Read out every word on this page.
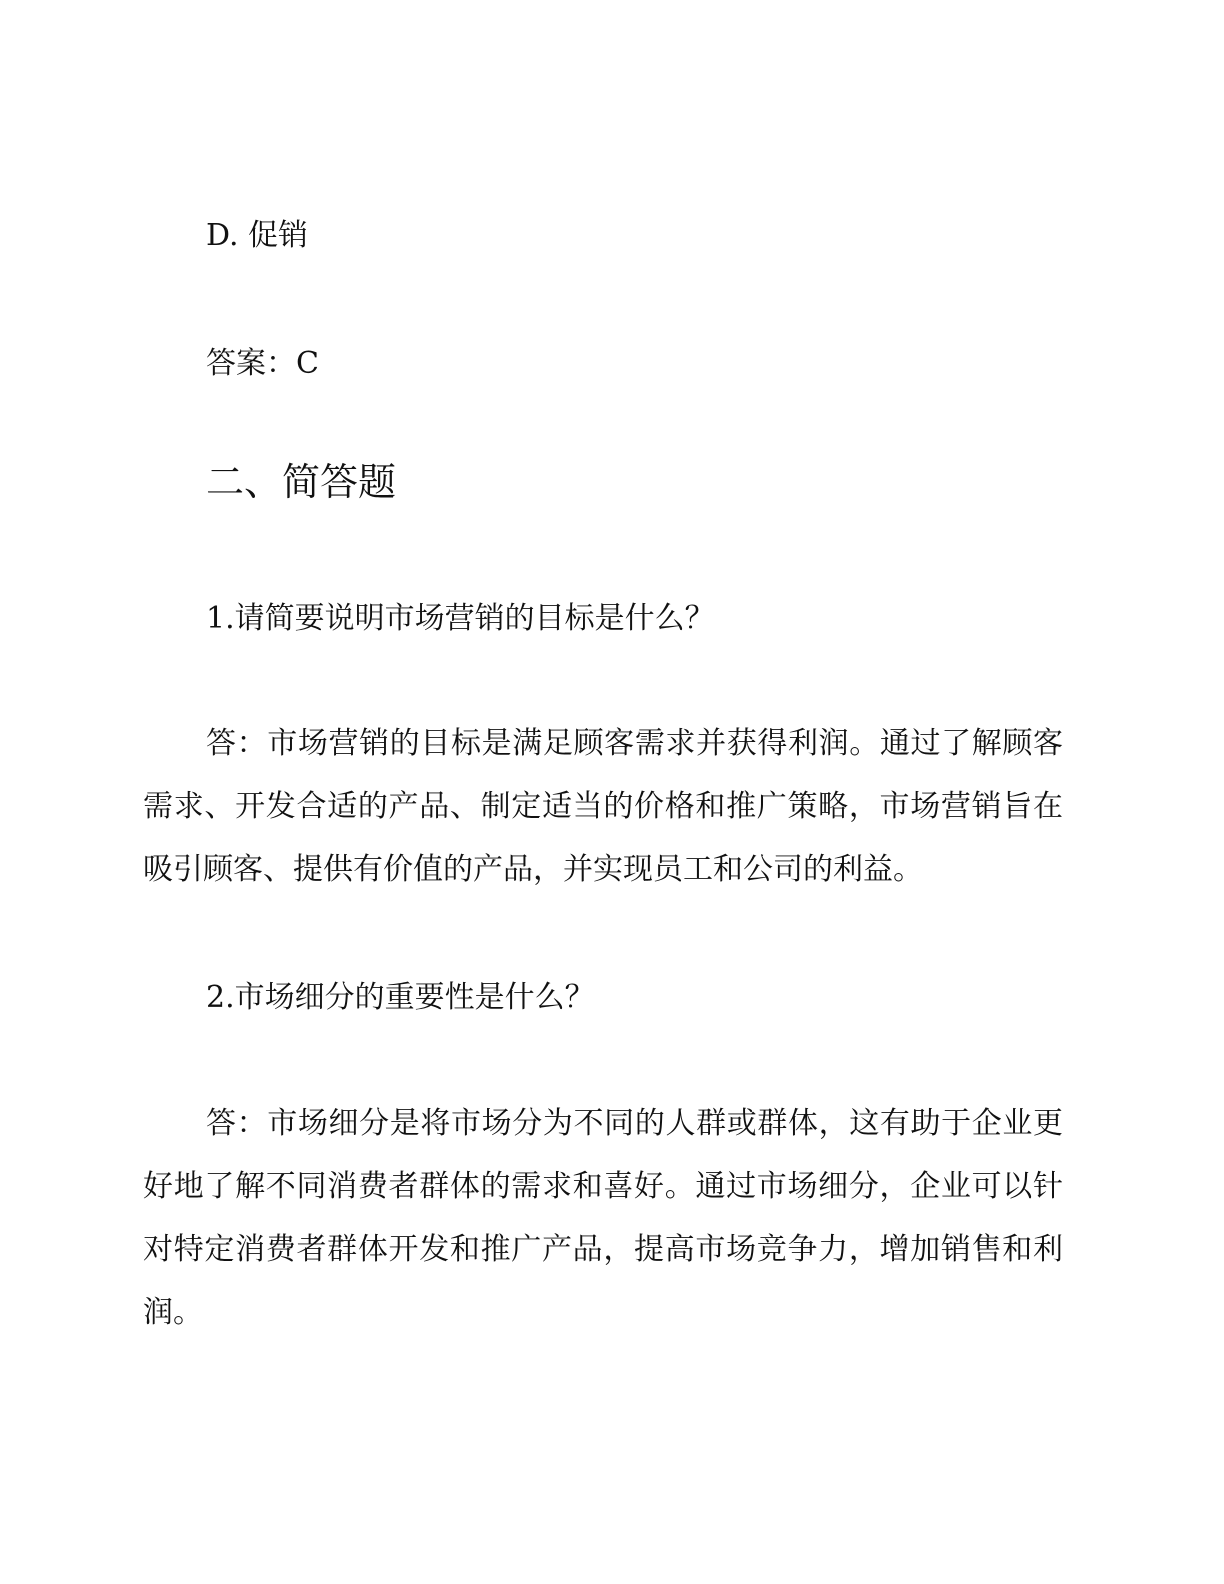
D. 促销

答案：C

二、简答题

1.请简要说明市场营销的目标是什么？

答：市场营销的目标是满足顾客需求并获得利润。通过了解顾客需求、开发合适的产品、制定适当的价格和推广策略，市场营销旨在吸引顾客、提供有价值的产品，并实现员工和公司的利益。

2.市场细分的重要性是什么？

答：市场细分是将市场分为不同的人群或群体，这有助于企业更好地了解不同消费者群体的需求和喜好。通过市场细分，企业可以针对特定消费者群体开发和推广产品，提高市场竞争力，增加销售和利润。
